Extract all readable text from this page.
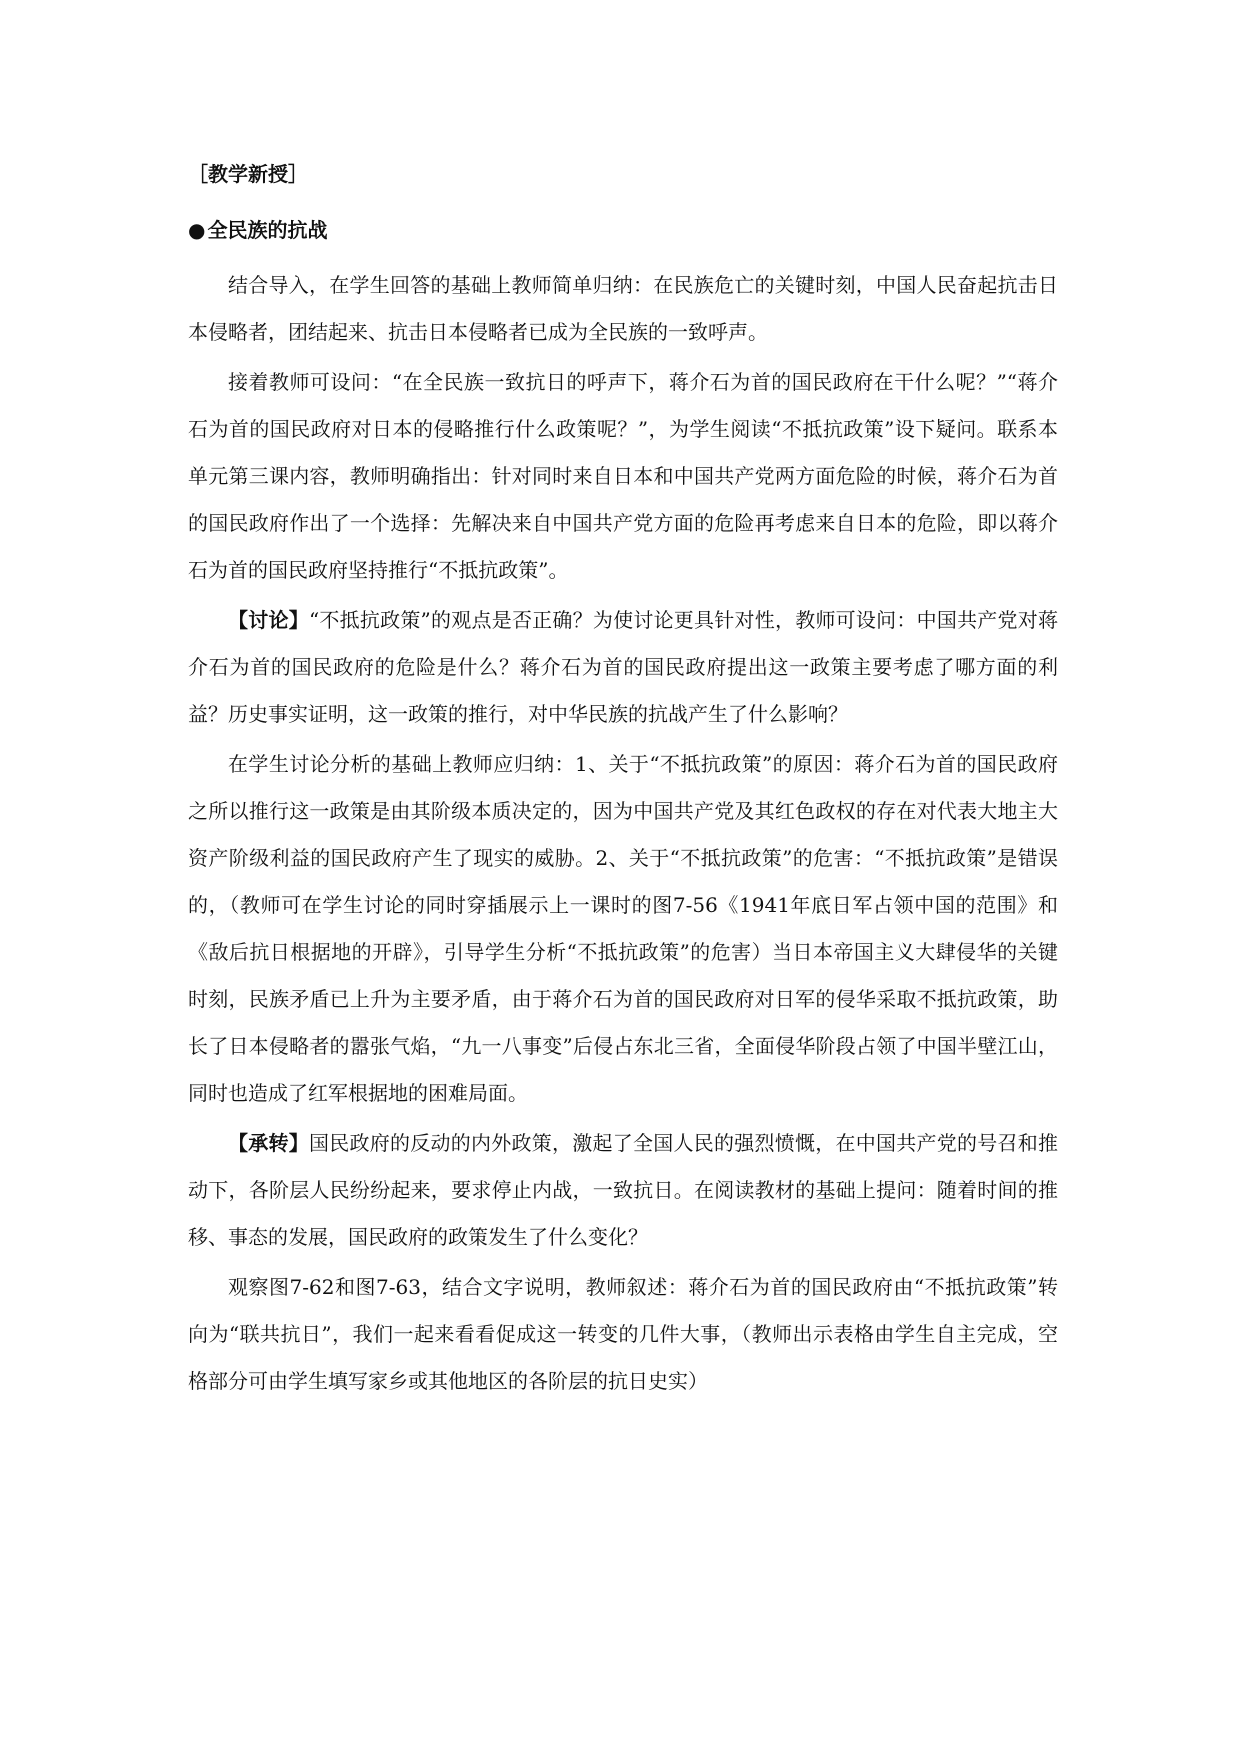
［教学新授］
● 全民族的抗战

结合导入，在学生回答的基础上教师简单归纳：在民族危亡的关键时刻，中国人民奋起抗击日本侵略者，团结起来、抗击日本侵略者已成为全民族的一致呼声。

接着教师可设问：“在全民族一致抗日的呼声下，蒋介石为首的国民政府在干什么呢？”“蒋介石为首的国民政府对日本的侵略推行什么政策呢？”，为学生阅读“不抵抗政策”设下疑问。联系本单元第三课内容，教师明确指出：针对同时来自日本和中国共产党两方面危险的时候，蒋介石为首的国民政府作出了一个选择：先解决来自中国共产党方面的危险再考虑来自日本的危险，即以蒋介石为首的国民政府坚持推行“不抵抗政策”。

【讨论】“不抵抗政策”的观点是否正确？为使讨论更具针对性，教师可设问：中国共产党对蒋介石为首的国民政府的危险是什么？蒋介石为首的国民政府提出这一政策主要考虑了哪方面的利益？历史事实证明，这一政策的推行，对中华民族的抗战产生了什么影响？

在学生讨论分析的基础上教师应归纳：1、关于“不抵抗政策”的原因：蒋介石为首的国民政府之所以推行这一政策是由其阶级本质决定的，因为中国共产党及其红色政权的存在对代表大地主大资产阶级利益的国民政府产生了现实的威胁。2、关于“不抵抗政策”的危害：“不抵抗政策”是错误的，（教师可在学生讨论的同时穿插展示上一课时的图7-56《1941年底日军占领中国的范围》和《敌后抗日根据地的开辟》，引导学生分析“不抵抗政策”的危害）当日本帝国主义大肆侵华的关键时刻，民族矛盾已上升为主要矛盾，由于蒋介石为首的国民政府对日军的侵华采取不抵抗政策，助长了日本侵略者的嚣张气焰，“九一八事变”后侵占东北三省，全面侵华阶段占领了中国半壁江山，同时也造成了红军根据地的困难局面。

【承转】国民政府的反动的内外政策，激起了全国人民的强烈愤慨，在中国共产党的号召和推动下，各阶层人民纷纷起来，要求停止内战，一致抗日。在阅读教材的基础上提问：随着时间的推移、事态的发展，国民政府的政策发生了什么变化？

观察图7-62和图7-63，结合文字说明，教师叙述：蒋介石为首的国民政府由“不抵抗政策”转向为“联共抗日”，我们一起来看看促成这一转变的几件大事，（教师出示表格由学生自主完成，空格部分可由学生填写家乡或其他地区的各阶层的抗日史实）
